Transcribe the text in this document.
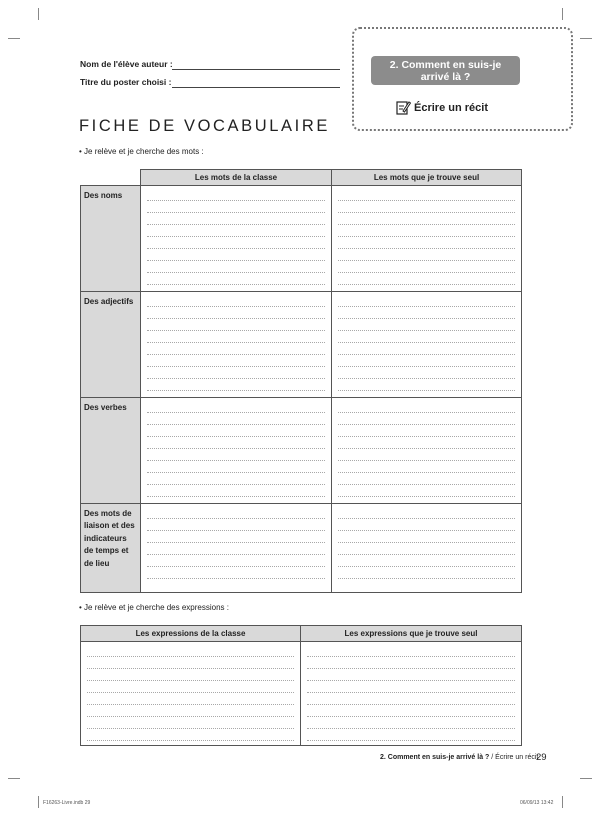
Nom de l'élève auteur :
Titre du poster choisi :
2. Comment en suis-je
arrivé là ?
Écrire un récit
FICHE DE VOCABULAIRE
• Je relève et je cherche des mots :
	Les mots de la classe	Les mots que je trouve seul
Des noms	

Des adjectifs	

Des verbes	

Des mots de liaison et des indicateurs de temps et de lieu	

• Je relève et je cherche des expressions :
Les expressions de la classe	Les expressions que je trouve seul

2. Comment en suis-je arrivé là ? / Écrire un récit
29
F16263-Livre.indb 29	06/09/13 13:42
